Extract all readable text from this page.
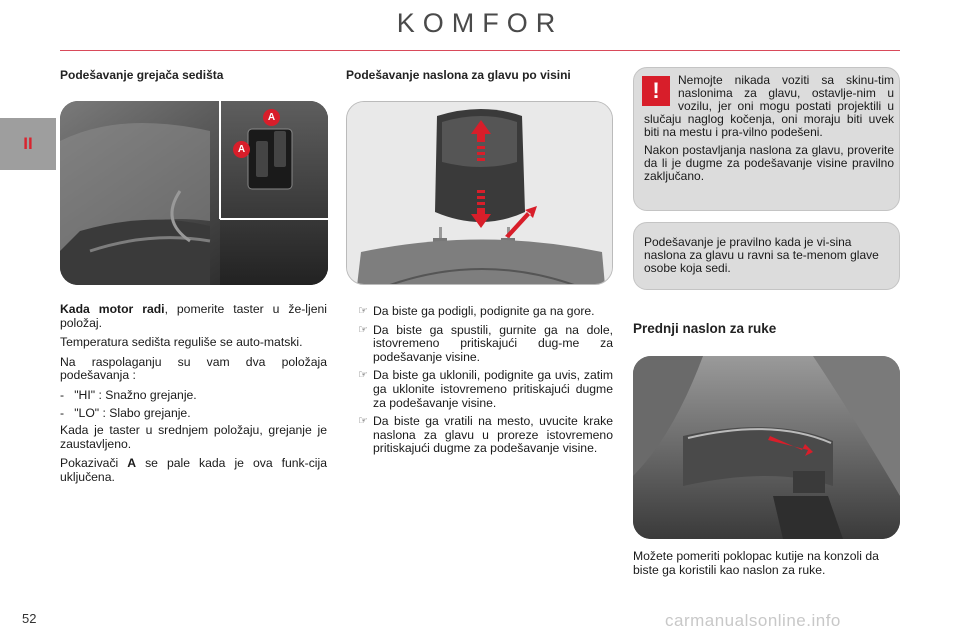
KOMFOR
II
Podešavanje grejača sedišta
A
A

Kada motor radi, pomerite taster u že-ljeni položaj.

Temperatura sedišta reguliše se auto-matski.

Na raspolaganju su vam dva položaja podešavanja :

-   "HI" : Snažno grejanje.

-   "LO" : Slabo grejanje.

Kada je taster u srednjem položaju, grejanje je zaustavljeno.

Pokazivači A se pale kada je ova funk-cija uključena.

Podešavanje naslona za glavu po visini
☞ Da biste ga podigli, podignite ga na gore.
☞ Da biste ga spustili, gurnite ga na dole, istovremeno pritiskajući dug-me za podešavanje visine.
☞ Da biste ga uklonili, podignite ga uvis, zatim ga uklonite istovremeno pritiskajući dugme za podešavanje visine.
☞ Da biste ga vratili na mesto, uvucite krake naslona za glavu u proreze istovremeno pritiskajući dugme za podešavanje visine.

Nemojte nikada voziti sa skinu-tim naslonima za glavu, ostavlje-nim u vozilu, jer oni mogu postati projektili u slučaju naglog kočenja, oni moraju biti uvek biti na mestu i pra-vilno podešeni.

Nakon postavljanja naslona za glavu, proverite da li je dugme za podešavanje visine pravilno zaključano.

!
Podešavanje je pravilno kada je vi-sina naslona za glavu u ravni sa te-menom glave osobe koja sedi.
Prednji naslon za ruke
Možete pomeriti poklopac kutije na konzoli da biste ga koristili kao naslon za ruke.
52	carmanualsonline.info
